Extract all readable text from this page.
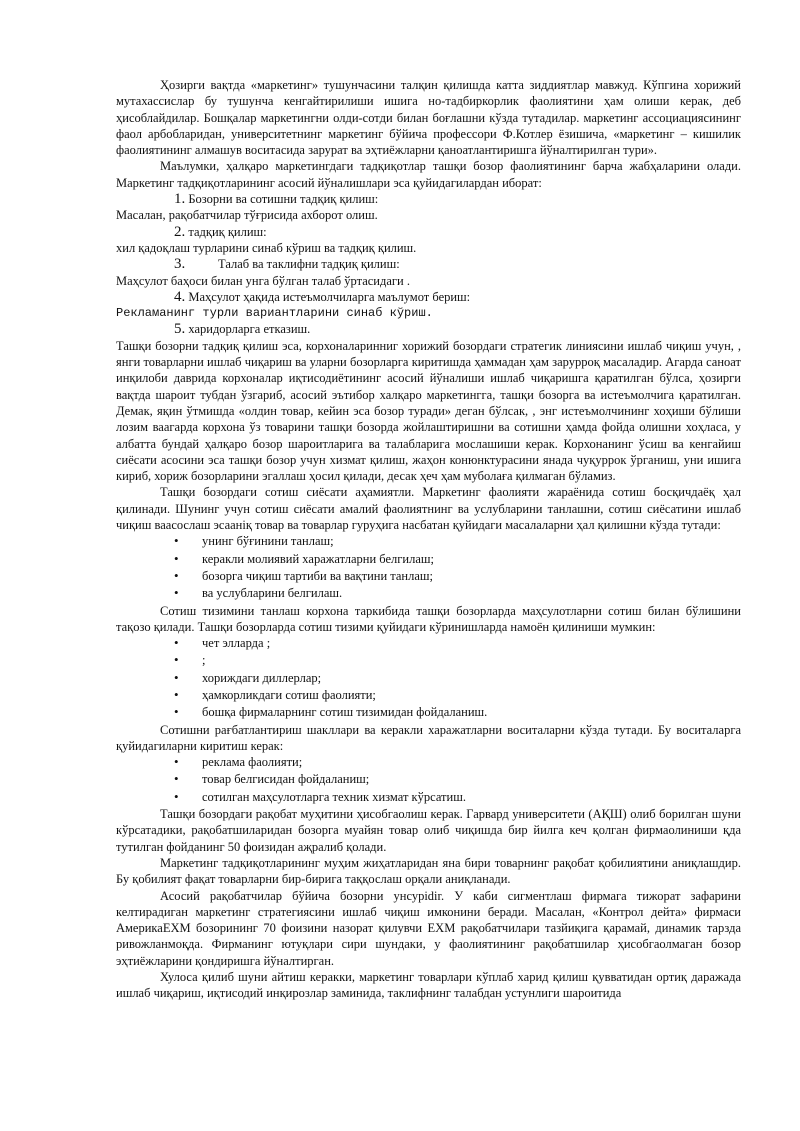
Ҳозирги вақтда «маркетинг» тушунчасини талқин қилишда катта зиддиятлар мавжуд. Кўпгина хорижий мутахассислар бу тушунча кенгайтирилиши ишига но-тадбиркорлик фаолиятини ҳам олиши керак, деб ҳисоблайдилар. Бошқалар маркетингни олди-сотди билан боғлашни кўзда тутадилар. маркетинг ассоциациясининг фаол арбобларидан, университетнинг маркетинг бўйича профессори Ф.Котлер ёзишича, «маркетинг – кишилик фаолиятининг алмашув воситасида зарурат ва эҳтиёжларни қаноатлантиришга йўналтирилган тури».

Маълумки, ҳалқаро маркетингдаги тадқиқотлар ташқи бозор фаолиятининг барча жабҳаларини олади. Маркетинг тадқиқотларининг асосий йўналишлари эса қуйидагилардан иборат:

1. Бозорни ва сотишни тадқиқ қилиш:

Масалан, рақобатчилар тўғрисида ахборот олиш.

2. тадқиқ қилиш:

хил қадоқлаш турларини синаб кўриш ва тадқиқ қилиш.

3.	Талаб ва таклифни тадқиқ қилиш:

Маҳсулот баҳоси билан унга бўлган талаб ўртасидаги .

4. Маҳсулот ҳақида истеъмолчиларга маълумот бериш:

Рекламанинг турли вариантларини синаб кўриш.

5. харидорларга етказиш.

Ташқи бозорни тадқиқ қилиш эса, корхоналаринниг хорижий бозордаги стратегик линиясини ишлаб чиқиш учун, , янги товарларни ишлаб чиқариш ва уларни бозорларга киритишда ҳаммадан ҳам зарурроқ масаладир. Агарда саноат инқилоби даврида корхоналар иқтисодиётининг асосий йўналиши ишлаб чиқаришга қаратилган бўлса, ҳозирги вақтда шароит тубдан ўзгариб, асосий эътибор халқаро маркетингга, ташқи бозорга ва истеъмолчига қаратилган. Демак, яқин ўтмишда «олдин товар, кейин эса бозор туради» деган бўлсак, , энг истеъмолчининг хоҳиши бўлиши лозим ваагарда корхона ўз товарини ташқи бозорда жойлаштиришни ва сотишни ҳамда фойда олишни хоҳласа, у албатта бундай ҳалқаро бозор шароитларига ва талабларига мослашиши керак. Корхонанинг ўсиш ва кенгайиш сиёсати асосини эса ташқи бозор учун хизмат қилиш, жаҳон конюнктурасини янада чуқуррок ўрганиш, уни ишига кириб, хориж бозорларини эгаллаш ҳосил қилади, десак ҳеч ҳам муболаға қилмаган бўламиз.

Ташқи бозордаги сотиш сиёсати аҳамиятли. Маркетинг фаолияти жараёнида сотиш босқичдаёқ ҳал қилинади. Шунинг учун сотиш сиёсати амалий фаолиятнинг ва услубларини танлашни, сотиш сиёсатини ишлаб чиқиш ваасослаш эсаанiқ товар ва товарлар гуруҳига насбатан қуйидаги масалаларни ҳал қилишни кўзда тутади:

• унинг бўғинини танлаш;
• керакли молиявий харажатларни белгилаш;
• бозорга чиқиш тартиби ва вақтини танлаш;
• ва услубларини белгилаш.

Сотиш тизимини танлаш корхона таркибида ташқи бозорларда маҳсулотларни сотиш билан бўлишини тақозо қилади. Ташқи бозорларда сотиш тизими қуйидаги кўринишларда намоён қилиниши мумкин:

• чет элларда ;
• ;
• хориждаги диллерлар;
• ҳамкорликдаги сотиш фаолияти;
• бошқа фирмаларнинг сотиш тизимидан фойдаланиш.

Сотишни рағбатлантириш шакллари ва керакли харажатларни воситаларни кўзда тутади. Бу воситаларга қуйидагиларни киритиш керак:

• реклама фаолияти;
• товар белгисидан фойдаланиш;
• сотилган маҳсулотларга техник хизмат кўрсатиш.

Ташқи бозордаги рақобат муҳитини ҳисобгаолиш керак. Гарвард университети (АҚШ) олиб борилган шуни кўрсатадики, рақобатшиларидан бозорга муайян товар олиб чиқишда бир йилга кеч қолган фирмаолиниши қда тутилган фойданинг 50 фоизидан аҗралиб қолади.

Маркетинг тадқиқотларининг муҳим жиҳатларидан яна бири товарнинг рақобат қобилиятини аниқлашдир. Бу қобилият фақат товарларни бир-бирига таққослаш орқали аниқланади.

Асосий рақобатчилар бўйича бозорни унсурidir. У каби сигментлаш фирмага тижорат зафарини келтирадиган маркетинг стратегиясини ишлаб чиқиш имконини беради. Масалан, «Контрол дейта» фирмаси АмерикаЕХМ бозорининг 70 фоизини назорат қилувчи ЕХМ рақобатчилари тазйиқига қарамай, динамик тарзда ривожланмоқда. Фирманинг ютуқлари сири шундаки, у фаолиятининг рақобатшилар ҳисобгаолмаган бозор эҳтиёжларини қондиришга йўналтирган.

Хулоса қилиб шуни айтиш керакки, маркетинг товарлари кўплаб харид қилиш қувватидан ортиқ даражада ишлаб чиқариш, иқтисодий инқирозлар заминида, таклифнинг талабдан устунлиги шароитида
